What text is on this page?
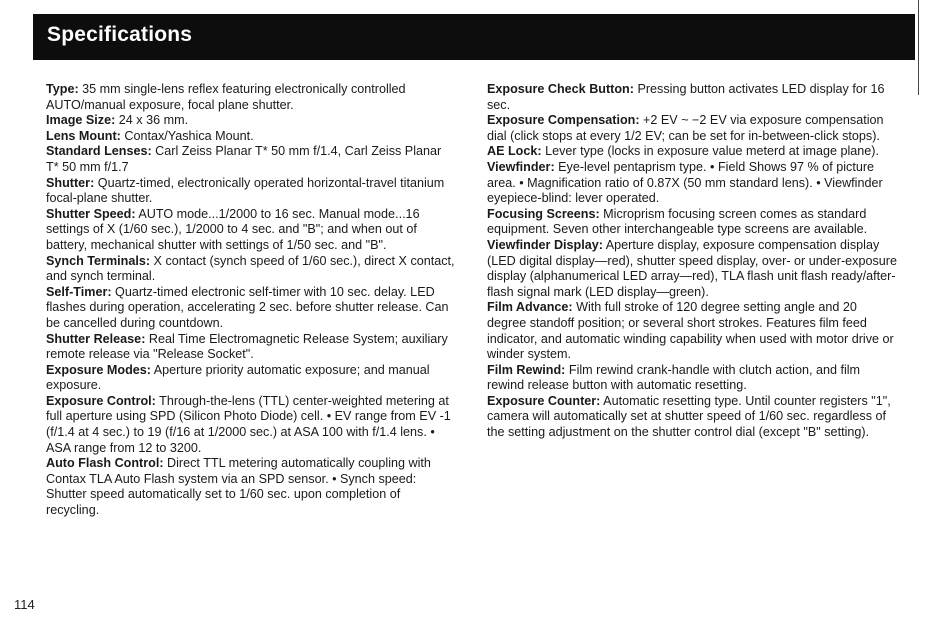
Specifications

Type: 35 mm single-lens reflex featuring electronically controlled AUTO/manual exposure, focal plane shutter.

Image Size: 24 x 36 mm.

Lens Mount: Contax/Yashica Mount.

Standard Lenses: Carl Zeiss Planar T* 50 mm f/1.4, Carl Zeiss Planar T* 50 mm f/1.7

Shutter: Quartz-timed, electronically operated horizontal-travel titanium focal-plane shutter.

Shutter Speed: AUTO mode...1/2000 to 16 sec. Manual mode...16 settings of X (1/60 sec.), 1/2000 to 4 sec. and "B"; and when out of battery, mechanical shutter with settings of 1/50 sec. and "B".

Synch Terminals: X contact (synch speed of 1/60 sec.), direct X contact, and synch terminal.

Self-Timer: Quartz-timed electronic self-timer with 10 sec. delay. LED flashes during operation, accelerating 2 sec. before shutter release. Can be cancelled during countdown.

Shutter Release: Real Time Electromagnetic Release System; auxiliary remote release via "Release Socket".

Exposure Modes: Aperture priority automatic exposure; and manual exposure.

Exposure Control: Through-the-lens (TTL) center-weighted metering at full aperture using SPD (Silicon Photo Diode) cell. • EV range from EV -1 (f/1.4 at 4 sec.) to 19 (f/16 at 1/2000 sec.) at ASA 100 with f/1.4 lens. • ASA range from 12 to 3200.

Auto Flash Control: Direct TTL metering automatically coupling with Contax TLA Auto Flash system via an SPD sensor. • Synch speed: Shutter speed automatically set to 1/60 sec. upon completion of recycling.

Exposure Check Button: Pressing button activates LED display for 16 sec.

Exposure Compensation: +2 EV ~ −2 EV via exposure compensation dial (click stops at every 1/2 EV; can be set for in-between-click stops).

AE Lock: Lever type (locks in exposure value meterd at image plane).

Viewfinder: Eye-level pentaprism type. • Field Shows 97 % of picture area. • Magnification ratio of 0.87X (50 mm standard lens). • Viewfinder eyepiece-blind: lever operated.

Focusing Screens: Microprism focusing screen comes as standard equipment. Seven other interchangeable type screens are available.

Viewfinder Display: Aperture display, exposure compensation display (LED digital display—red), shutter speed display, over- or under-exposure display (alphanumerical LED array—red), TLA flash unit flash ready/after-flash signal mark (LED display—green).

Film Advance: With full stroke of 120 degree setting angle and 20 degree standoff position; or several short strokes. Features film feed indicator, and automatic winding capability when used with motor drive or winder system.

Film Rewind: Film rewind crank-handle with clutch action, and film rewind release button with automatic resetting.

Exposure Counter: Automatic resetting type. Until counter registers "1", camera will automatically set at shutter speed of 1/60 sec. regardless of the setting adjustment on the shutter control dial (except "B" setting).

114
